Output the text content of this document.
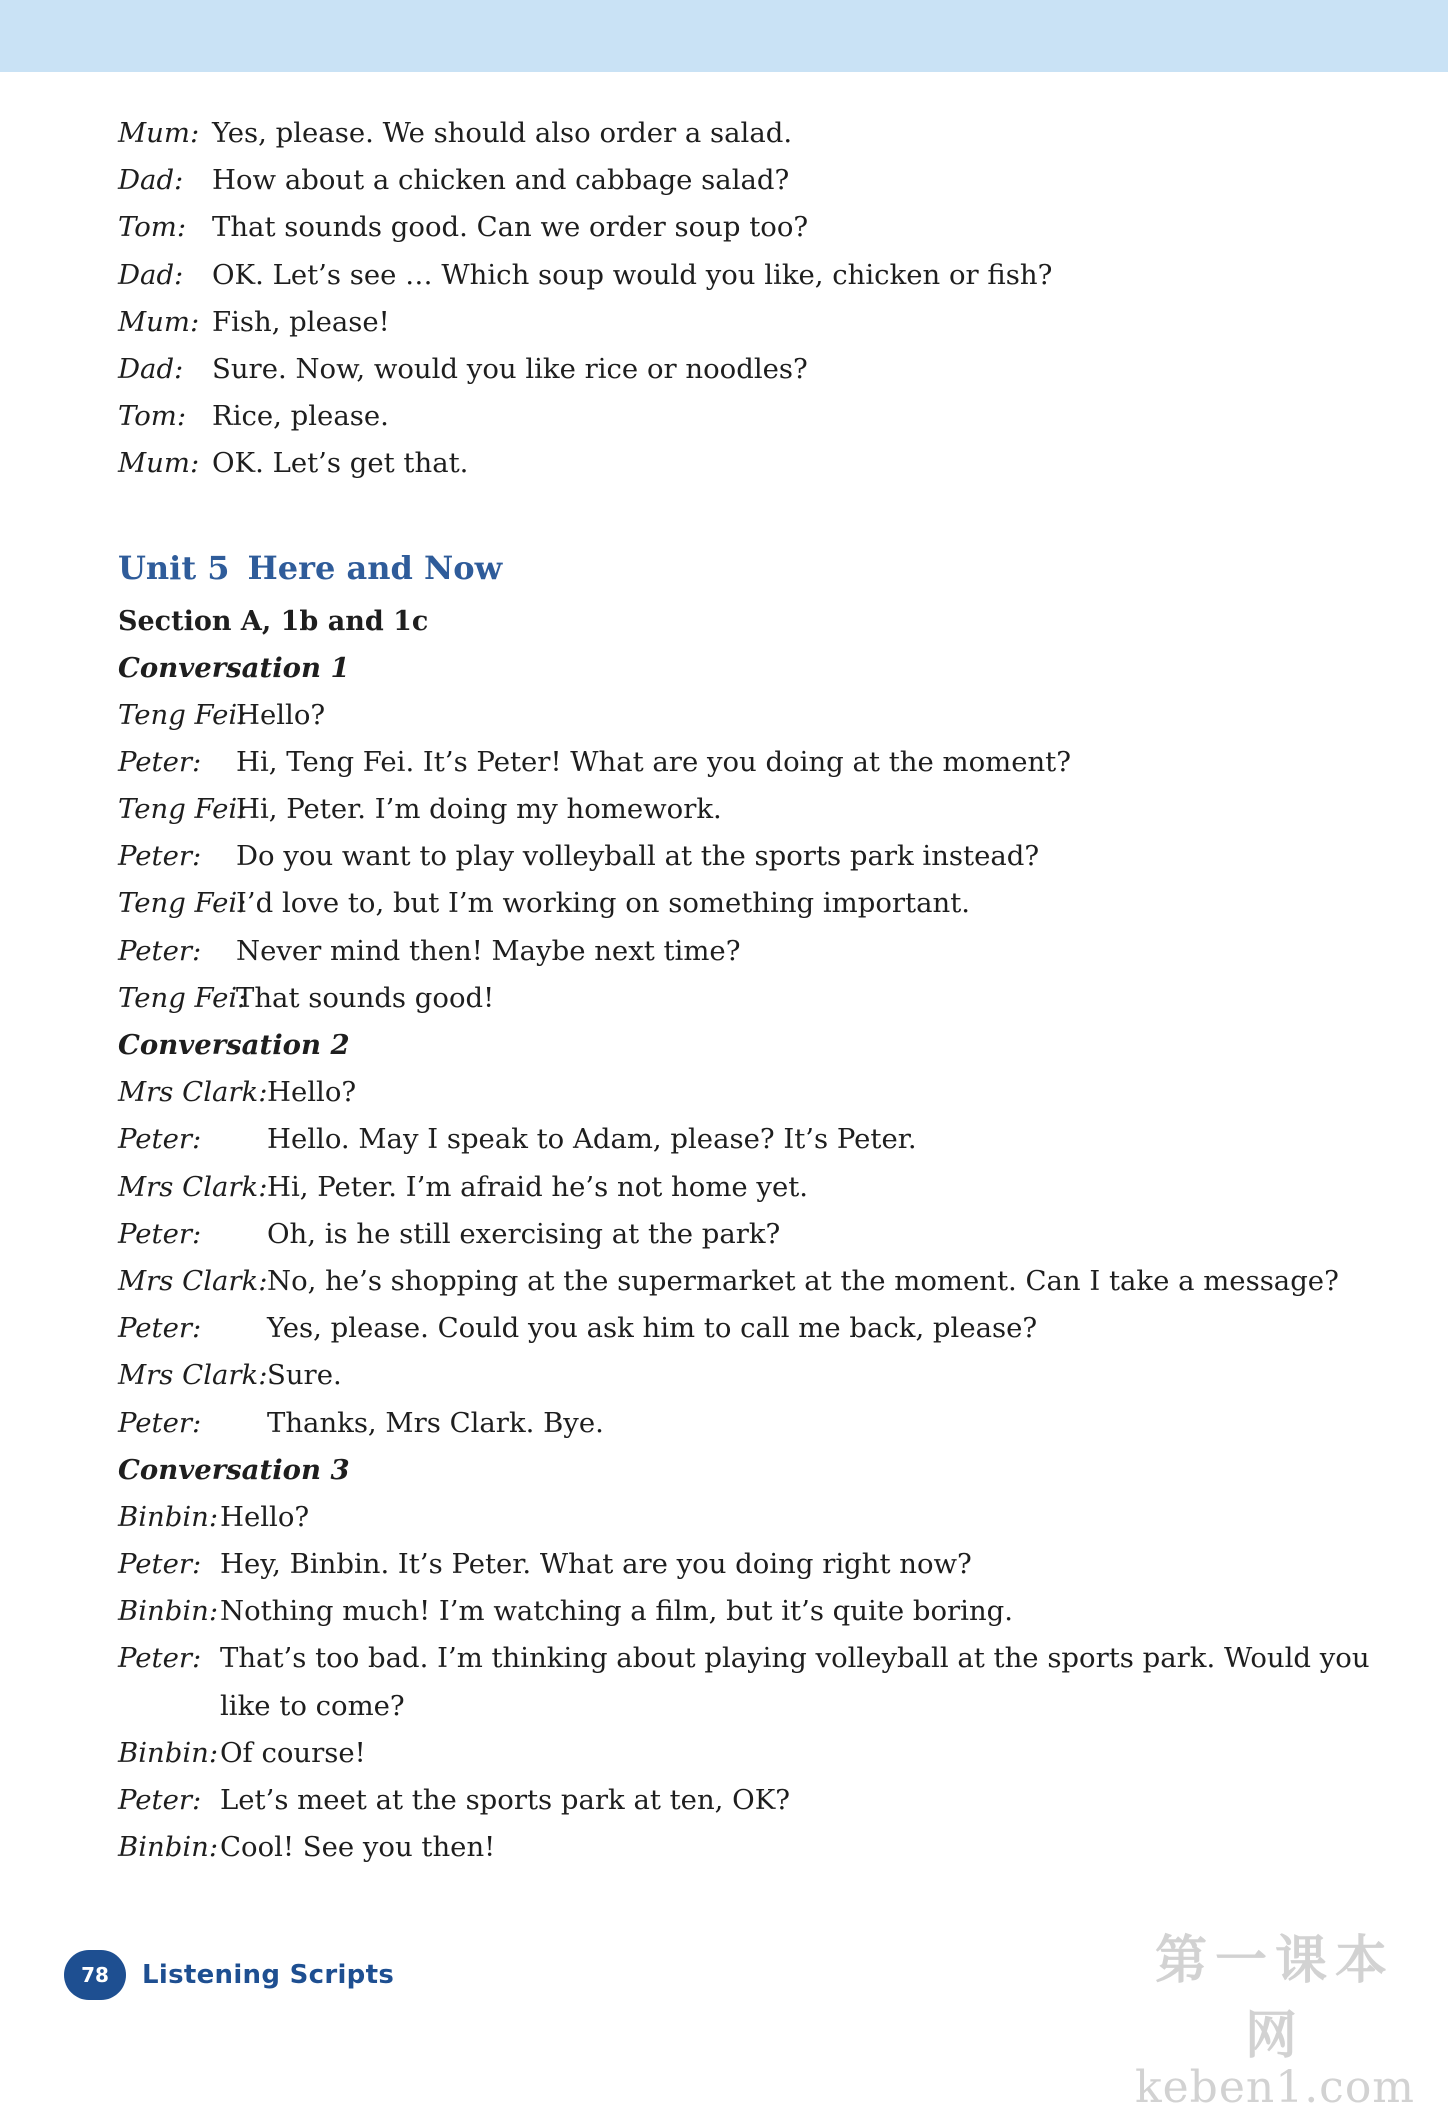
Mum: Yes, please. We should also order a salad.
Dad:	How about a chicken and cabbage salad?
Tom: That sounds good. Can we order soup too?
Dad:	OK. Let’s see … Which soup would you like, chicken or fish?
Mum: Fish, please!
Dad:	Sure. Now, would you like rice or noodles?
Tom: Rice, please.
Mum: OK. Let’s get that.
Unit 5 Here and Now
Section A, 1b and 1c
Conversation 1
Teng Fei:
Hello?
Peter:	Hi, Teng Fei. It’s Peter! What are you doing at the moment?
Teng Fei:
Hi, Peter. I’m doing my homework.
Peter:	Do you want to play volleyball at the sports park instead?
Teng Fei:
I’d love to, but I’m working on something important.
Peter:	Never mind then! Maybe next time?
Teng Fei:
That sounds good!
Conversation 2
Mrs Clark: Hello?
Peter:	Hello. May I speak to Adam, please? It’s Peter.
Mrs Clark: Hi, Peter. I’m afraid he’s not home yet.
Peter:	Oh, is he still exercising at the park?
Mrs Clark: No, he’s shopping at the supermarket at the moment. Can I take a message?
Peter:	Yes, please. Could you ask him to call me back, please?
Mrs Clark: Sure.
Peter:	Thanks, Mrs Clark. Bye.
Conversation 3
Binbin: Hello?
Peter: Hey, Binbin. It’s Peter. What are you doing right now?
Binbin: Nothing much! I’m watching a film, but it’s quite boring.
Peter: That’s too bad. I’m thinking about playing volleyball at the sports park. Would you
like to come?
Binbin: Of course!
Peter: Let’s meet at the sports park at ten, OK?
Binbin: Cool! See you then!
78	Listening Scripts	第一课本网
keben1.com
